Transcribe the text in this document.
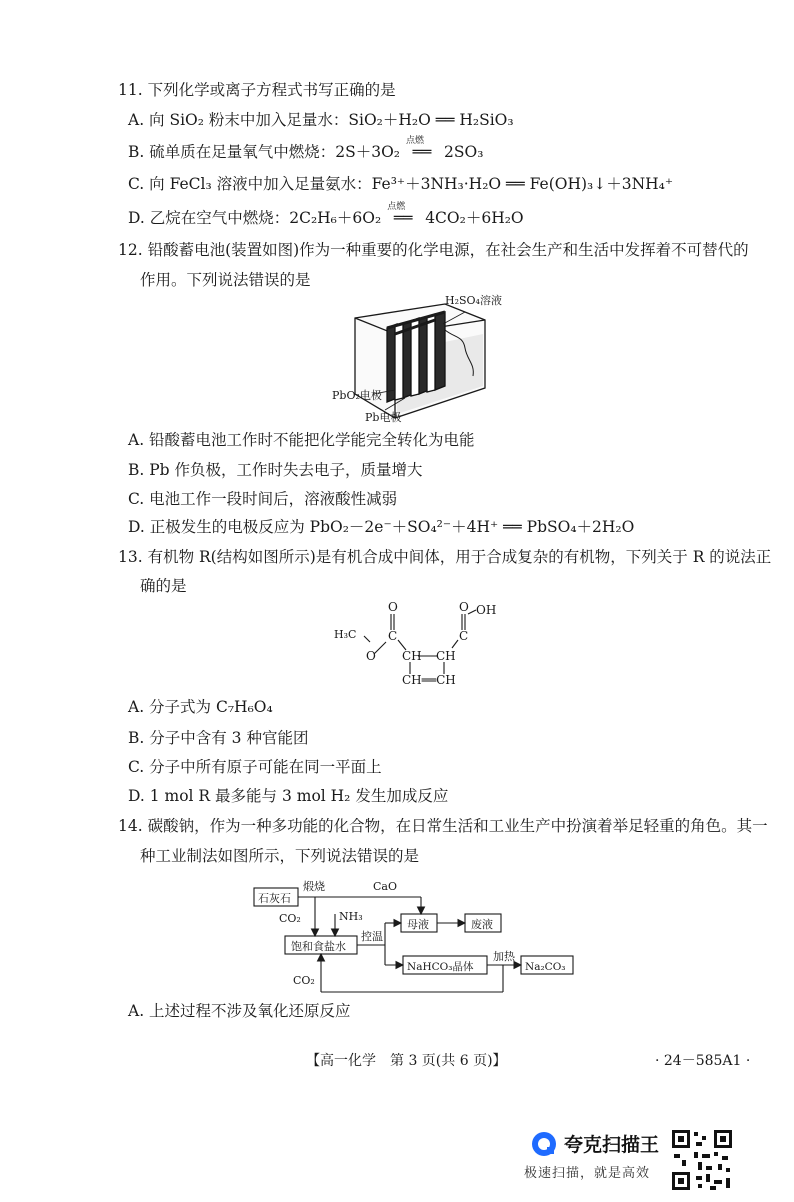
11. 下列化学或离子方程式书写正确的是
A. 向 SiO₂ 粉末中加入足量水：SiO₂＋H₂O ══ H₂SiO₃
B. 硫单质在足量氧气中燃烧：2S＋3O₂
点燃
══ 2SO₃
C. 向 FeCl₃ 溶液中加入足量氨水：Fe³⁺＋3NH₃·H₂O ══ Fe(OH)₃↓＋3NH₄⁺
D. 乙烷在空气中燃烧：2C₂H₆＋6O₂
点燃
══ 4CO₂＋6H₂O
12. 铅酸蓄电池(装置如图)作为一种重要的化学电源，在社会生产和生活中发挥着不可替代的
作用。下列说法错误的是
H₂SO₄溶液
PbO₂电极
Pb电极
A. 铅酸蓄电池工作时不能把化学能完全转化为电能
B. Pb 作负极，工作时失去电子，质量增大
C. 电池工作一段时间后，溶液酸性减弱
D. 正极发生的电极反应为 PbO₂－2e⁻＋SO₄²⁻＋4H⁺ ══ PbSO₄＋2H₂O
13. 有机物 R(结构如图所示)是有机合成中间体，用于合成复杂的有机物，下列关于 R 的说法正
确的是
O
C
H₃C
O CH CH
C
O OH
CH══CH
A. 分子式为 C₇H₆O₄
B. 分子中含有 3 种官能团
C. 分子中所有原子可能在同一平面上
D. 1 mol R 最多能与 3 mol H₂ 发生加成反应
14. 碳酸钠，作为一种多功能的化合物，在日常生活和工业生产中扮演着举足轻重的角色。其一
种工业制法如图所示，下列说法错误的是
石灰石
煅烧	CaO
CO₂	NH₃
母液	废液
饱和食盐水
控温
NaHCO₃晶体
加热
Na₂CO₃
CO₂
A. 上述过程不涉及氧化还原反应
【高一化学　第 3 页(共 6 页)】	· 24－585A1 ·
夸克扫描王
极速扫描，就是高效
